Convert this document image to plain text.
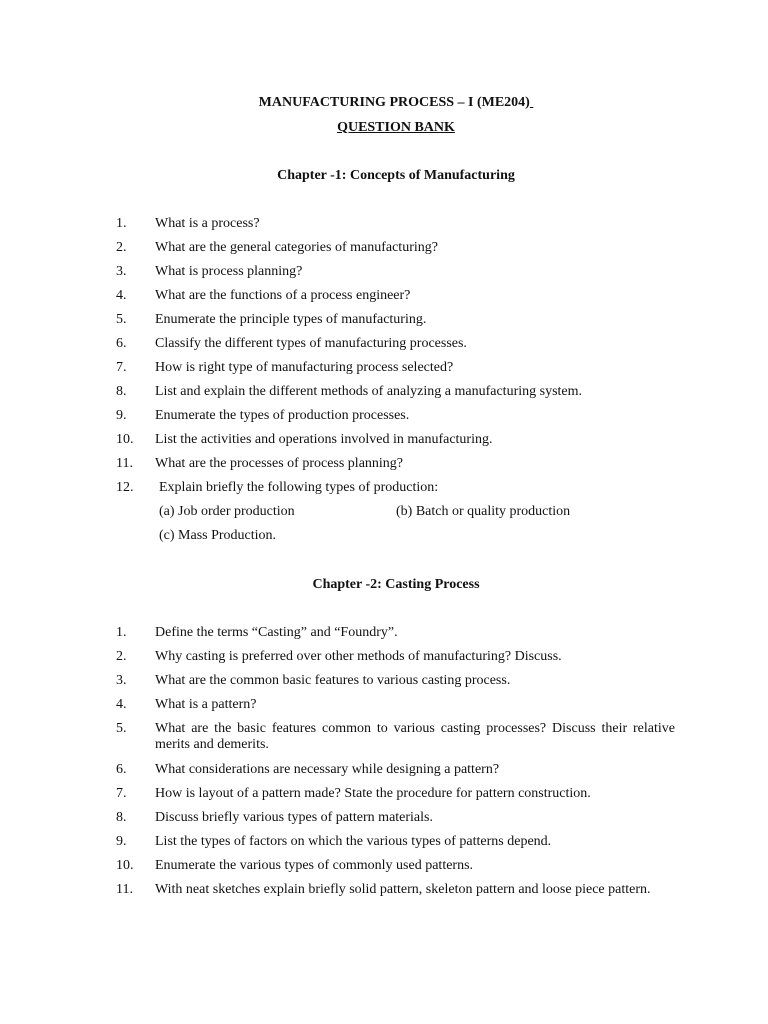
MANUFACTURING PROCESS – I (ME204)
QUESTION BANK
Chapter -1: Concepts of Manufacturing
1. What is a process?
2. What are the general categories of manufacturing?
3. What is process planning?
4. What are the functions of a process engineer?
5. Enumerate the principle types of manufacturing.
6. Classify the different types of manufacturing processes.
7. How is right type of manufacturing process selected?
8. List and explain the different methods of analyzing a manufacturing system.
9. Enumerate the types of production processes.
10. List the activities and operations involved in manufacturing.
11. What are the processes of process planning?
12. Explain briefly the following types of production:
(a) Job order production	(b) Batch or quality production
(c) Mass Production.
Chapter -2: Casting Process
1. Define the terms “Casting” and “Foundry”.
2. Why casting is preferred over other methods of manufacturing? Discuss.
3. What are the common basic features to various casting process.
4. What is a pattern?
5. What are the basic features common to various casting processes? Discuss their relative merits and demerits.
6. What considerations are necessary while designing a pattern?
7. How is layout of a pattern made? State the procedure for pattern construction.
8. Discuss briefly various types of pattern materials.
9. List the types of factors on which the various types of patterns depend.
10. Enumerate the various types of commonly used patterns.
11. With neat sketches explain briefly solid pattern, skeleton pattern and loose piece pattern.
